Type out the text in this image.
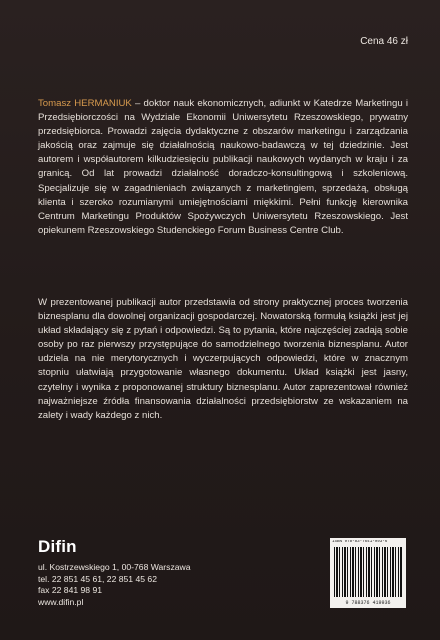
Cena 46 zł
Tomasz HERMANIUK – doktor nauk ekonomicznych, adiunkt w Katedrze Marketingu i Przedsiębiorczości na Wydziale Ekonomii Uniwersytetu Rzeszowskiego, prywatny przedsiębiorca. Prowadzi zajęcia dydaktyczne z obszarów marketingu i zarządzania jakością oraz zajmuje się działalnością naukowo-badawczą w tej dziedzinie. Jest autorem i współautorem kilkudziesięciu publikacji naukowych wydanych w kraju i za granicą. Od lat prowadzi działalność doradczo-konsultingową i szkoleniową. Specjalizuje się w zagadnieniach związanych z marketingiem, sprzedażą, obsługą klienta i szeroko rozumianymi umiejętnościami miękkimi. Pełni funkcję kierownika Centrum Marketingu Produktów Spożywczych Uniwersytetu Rzeszowskiego. Jest opiekunem Rzeszowskiego Studenckiego Forum Business Centre Club.
W prezentowanej publikacji autor przedstawia od strony praktycznej proces tworzenia biznesplanu dla dowolnej organizacji gospodarczej. Nowatorską formułą książki jest jej układ składający się z pytań i odpowiedzi. Są to pytania, które najczęściej zadają sobie osoby po raz pierwszy przystępujące do samodzielnego tworzenia biznesplanu. Autor udziela na nie merytorycznych i wyczerpujących odpowiedzi, które w znacznym stopniu ułatwiają przygotowanie własnego dokumentu. Układ książki jest jasny, czytelny i wynika z proponowanej struktury biznesplanu. Autor zaprezentował również najważniejsze źródła finansowania działalności przedsiębiorstw ze wskazaniem na zalety i wady każdego z nich.
Difin
ul. Kostrzewskiego 1, 00-768 Warszawa
tel. 22 851 45 61, 22 851 45 62
fax 22 841 98 91
www.difin.pl
ISBN 978-83-7641-993-6
9 788376 419936
